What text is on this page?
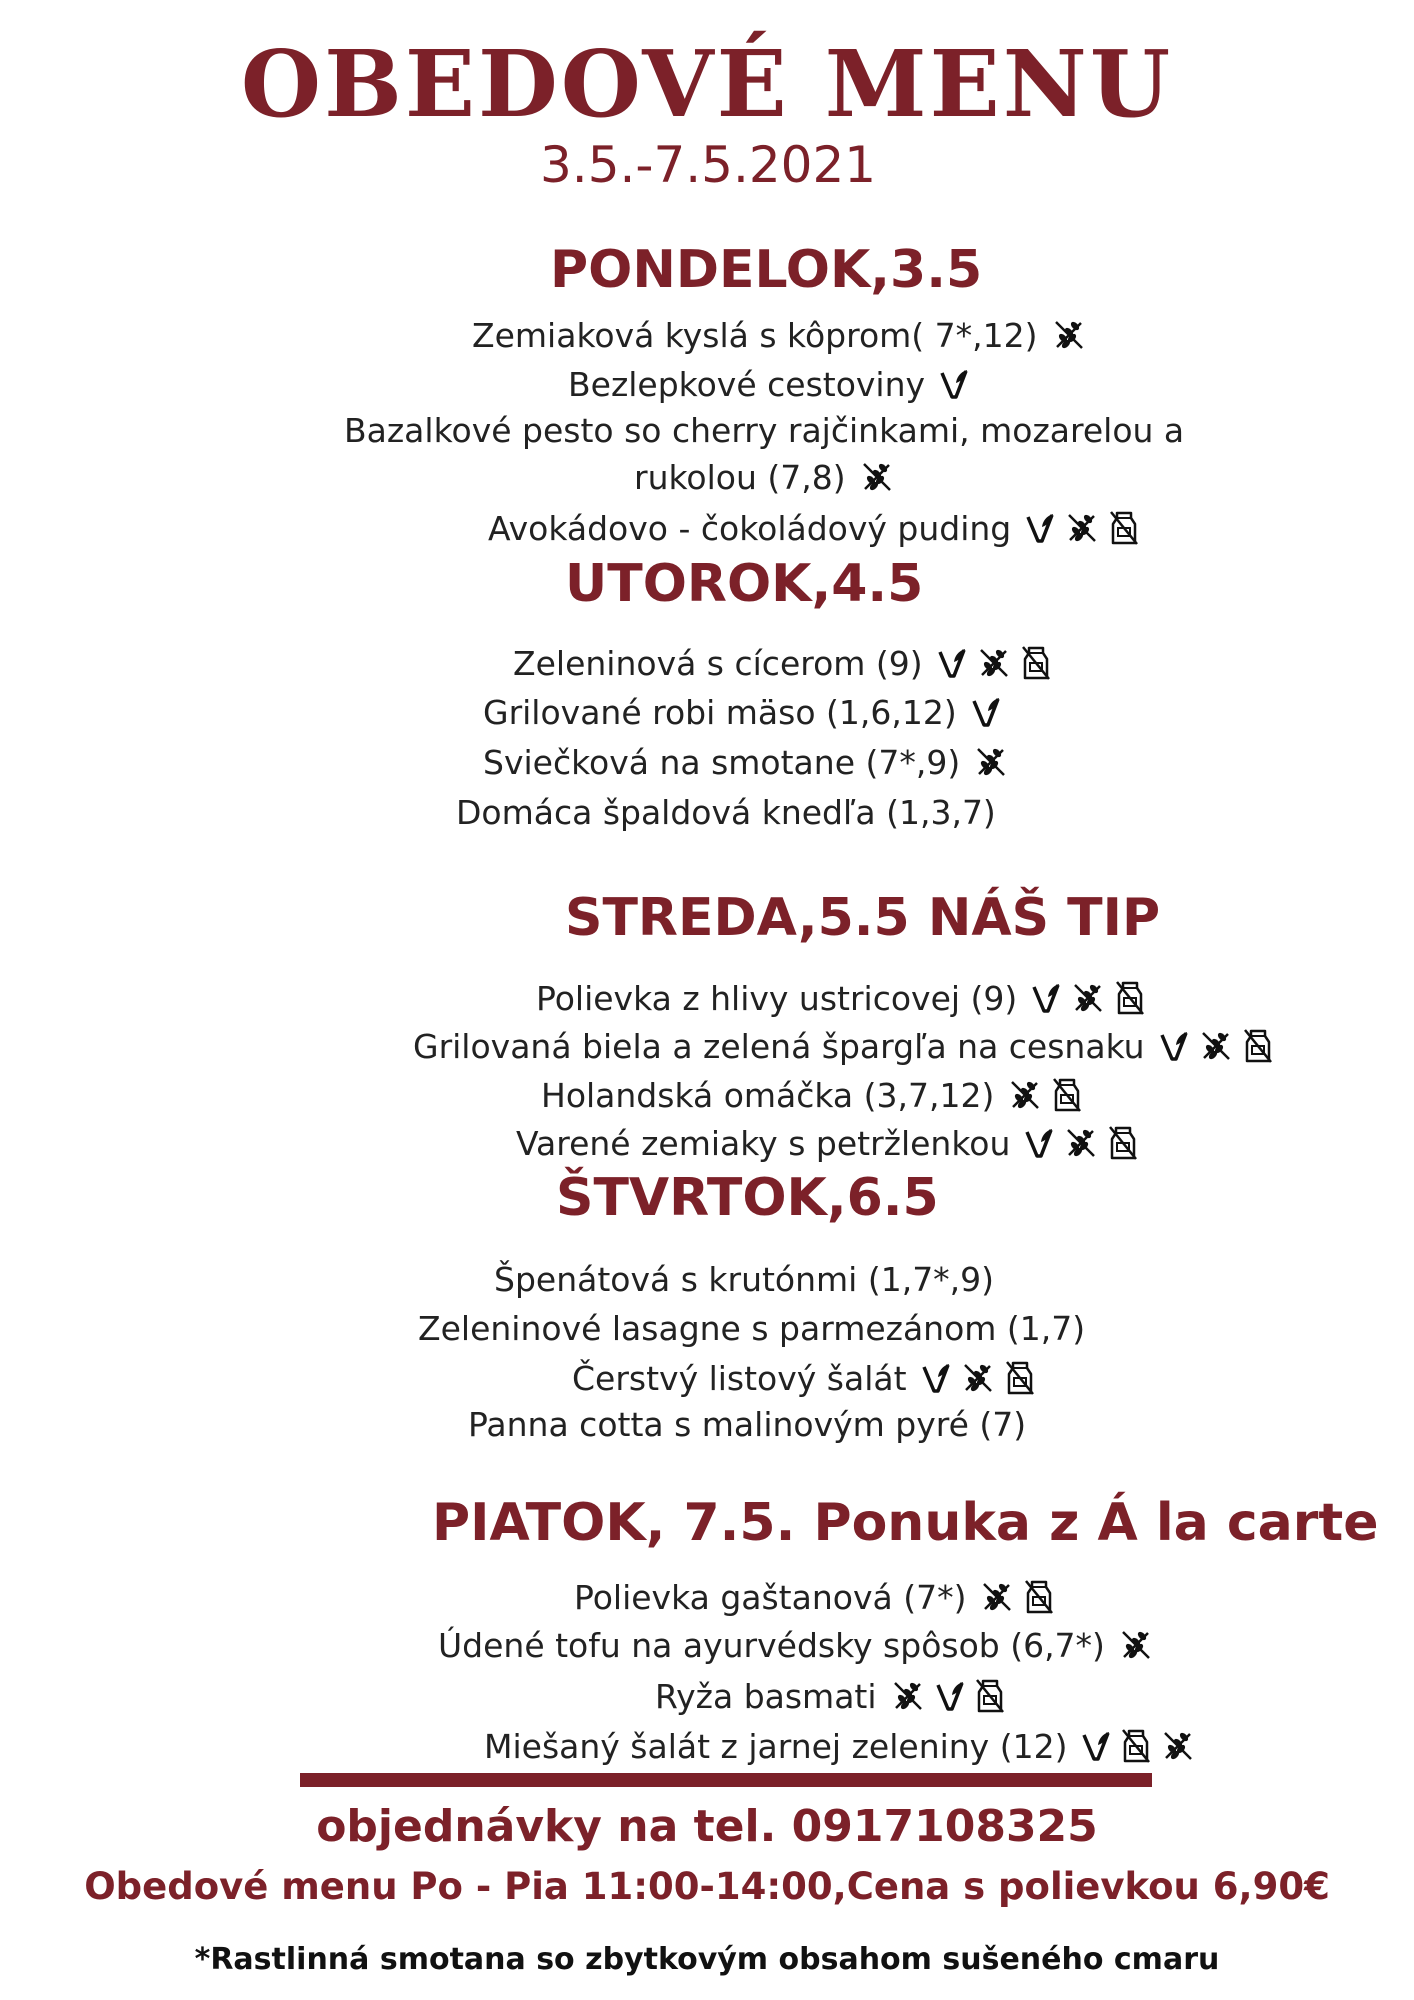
OBEDOVÉ MENU
3.5.-7.5.2021
PONDELOK,3.5
Zemiaková kyslá s kôprom( 7*,12)
Bezlepkové cestoviny
Bazalkové pesto so cherry rajčinkami, mozarelou a
rukolou (7,8)
Avokádovo - čokoládový puding
UTOROK,4.5
Zeleninová s cícerom (9)
Grilované robi mäso (1,6,12)
Sviečková na smotane (7*,9)
Domáca špaldová knedľa (1,3,7)
STREDA,5.5 NÁŠ TIP
Polievka z hlivy ustricovej (9)
Grilovaná biela a zelená špargľa na cesnaku
Holandská omáčka (3,7,12)
Varené zemiaky s petržlenkou
ŠTVRTOK,6.5
Špenátová s krutónmi (1,7*,9)
Zeleninové lasagne s parmezánom (1,7)
Čerstvý listový šalát
Panna cotta s malinovým pyré (7)
PIATOK, 7.5. Ponuka z Á la carte
Polievka gaštanová (7*)
Údené tofu na ayurvédsky spôsob (6,7*)
Ryža basmati
Miešaný šalát z jarnej zeleniny (12)
objednávky na tel. 0917108325
Obedové menu Po - Pia 11:00-14:00,Cena s polievkou 6,90€
*Rastlinná smotana so zbytkovým obsahom sušeného cmaru
